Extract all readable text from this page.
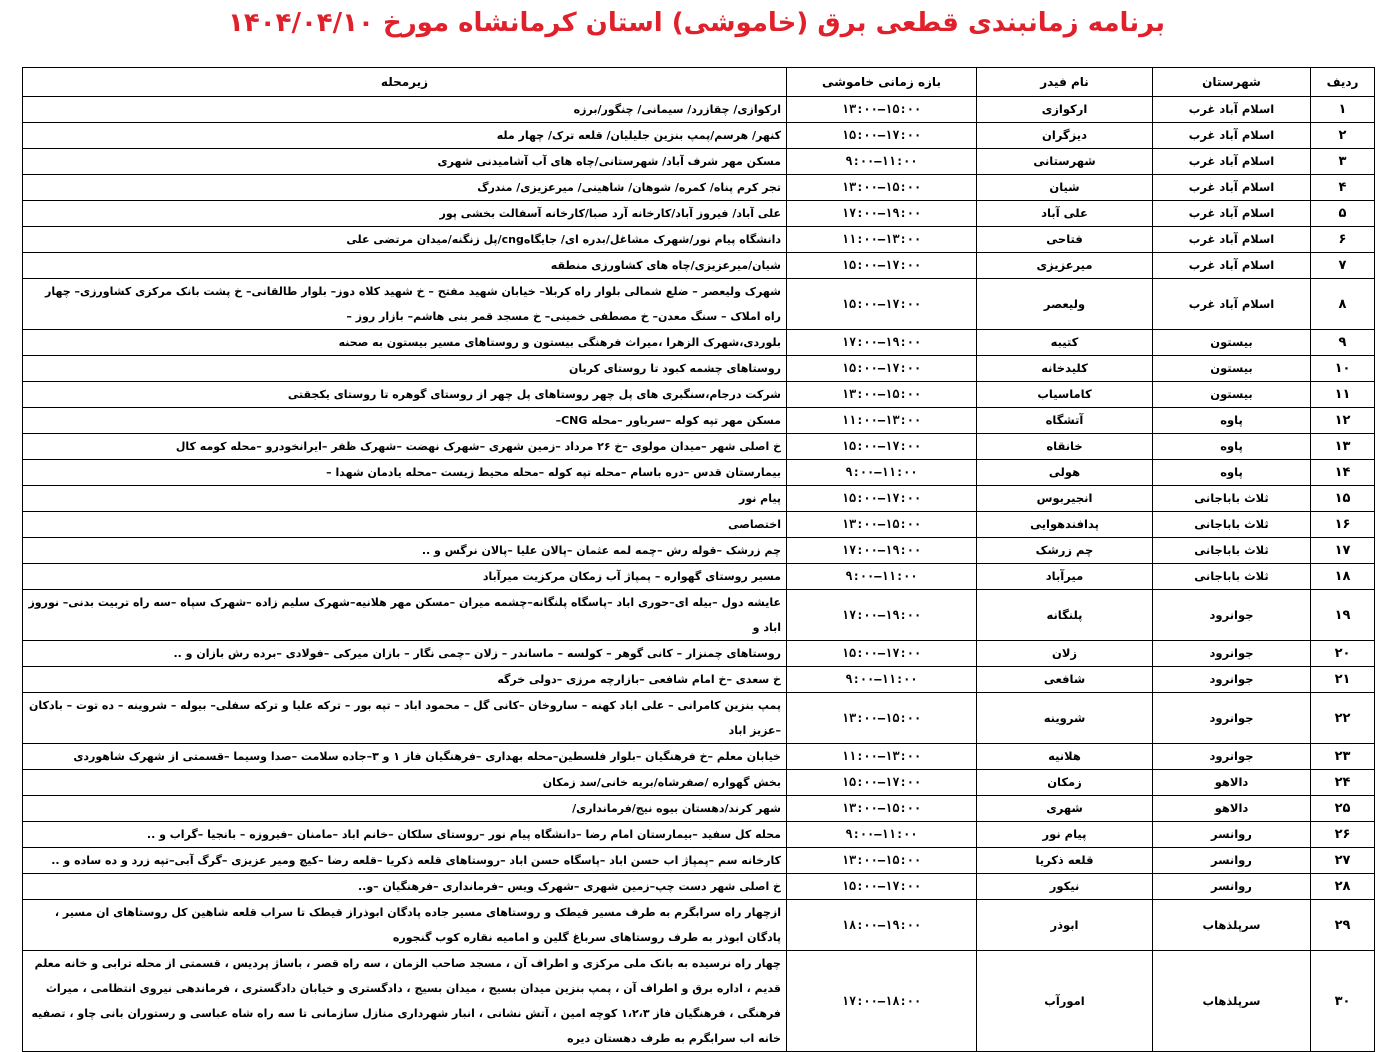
برنامه زمانبندی قطعی برق (خاموشی) استان کرمانشاه مورخ ۱۴۰۴/۰۴/۱۰
ردیف	شهرستان	نام فیدر	بازه زمانی خاموشی	زیرمحله
۱	اسلام آباد غرب	ارکوازی	۱۳:۰۰–۱۵:۰۰	ارکوازی/ چقازرد/ سیمانی/ چنگور/برزه
۲	اسلام آباد غرب	دیزگران	۱۵:۰۰–۱۷:۰۰	کنهر/ هرسم/پمپ بنزین جلیلیان/ قلعه ترک/ چهار مله
۳	اسلام آباد غرب	شهرستانی	۹:۰۰–۱۱:۰۰	مسکن مهر شرف آباد/ شهرستانی/چاه های آب آشامیدنی شهری
۴	اسلام آباد غرب	شیان	۱۳:۰۰–۱۵:۰۰	تجر کرم پناه/ کمره/ شوهان/ شاهینی/ میرعزیزی/ مندرگ
۵	اسلام آباد غرب	علی آباد	۱۷:۰۰–۱۹:۰۰	علی آباد/ فیروز آباد/کارخانه آرد صبا/کارخانه آسفالت بخشی پور
۶	اسلام آباد غرب	فتاحی	۱۱:۰۰–۱۳:۰۰	دانشگاه پیام نور/شهرک مشاغل/بدره ای/ جایگاهcng/پل زنگنه/میدان مرتضی علی
۷	اسلام آباد غرب	میرعزیزی	۱۵:۰۰–۱۷:۰۰	شیان/میرعزیزی/چاه های کشاورزی منطقه
۸	اسلام آباد غرب	ولیعصر	۱۵:۰۰–۱۷:۰۰	شهرک ولیعصر – ضلع شمالی بلوار راه کربلا– خیابان شهید مفتح – خ شهید کلاه دوز– بلوار طالقانی– خ پشت بانک مرکزی کشاورزی– چهار راه املاک – سنگ معدن– خ مصطفی خمینی– خ مسجد قمر بنی هاشم– بازار روز –
۹	بیستون	کتیبه	۱۷:۰۰–۱۹:۰۰	بلوردی،شهرک الزهرا ،میراث فرهنگی بیستون و روستاهای مسیر بیستون به صحنه
۱۰	بیستون	کلیدخانه	۱۵:۰۰–۱۷:۰۰	روستاهای چشمه کبود تا روستای کربان
۱۱	بیستون	کاماسیاب	۱۳:۰۰–۱۵:۰۰	شرکت درجام،سنگبری های پل چهر روستاهای پل چهر از روستای گوهره تا روستای یکجقتی
۱۲	پاوه	آتشگاه	۱۱:۰۰–۱۳:۰۰	مسکن مهر تپه کوله –سرباور –محله CNG–
۱۳	پاوه	خانقاه	۱۵:۰۰–۱۷:۰۰	خ اصلی شهر –میدان مولوی –خ ۲۶ مرداد –زمین شهری –شهرک نهضت –شهرک ظفر –ایرانخودرو –محله کومه کال
۱۴	پاوه	هولی	۹:۰۰–۱۱:۰۰	بیمارستان قدس –دره باسام –محله تپه کوله –محله محیط زیست –محله یادمان شهدا –
۱۵	ثلاث باباجانی	انجیربوس	۱۵:۰۰–۱۷:۰۰	پیام نور
۱۶	ثلاث باباجانی	پدافندهوایی	۱۳:۰۰–۱۵:۰۰	اختصاصی
۱۷	ثلاث باباجانی	چم زرشک	۱۷:۰۰–۱۹:۰۰	چم زرشک –قوله رش –چمه لمه عثمان –پالان علیا –پالان نرگس و ..
۱۸	ثلاث باباجانی	میرآباد	۹:۰۰–۱۱:۰۰	مسیر روستای گهواره – پمپاژ آب زمکان مرکزیت میرآباد
۱۹	جوانرود	پلنگانه	۱۷:۰۰–۱۹:۰۰	عایشه دول –بیله ای–حوری اباد –پاسگاه پلنگانه–چشمه میران –مسکن مهر هلانیه–شهرک سلیم زاده –شهرک سپاه –سه راه تربیت بدنی– نوروز اباد و
۲۰	جوانرود	زلان	۱۵:۰۰–۱۷:۰۰	روستاهای چمنزار – کانی گوهر – کولسه – ماساندر – زلان –چمی نگار – بازان میرکی –فولادی –برده رش بازان و ..
۲۱	جوانرود	شافعی	۹:۰۰–۱۱:۰۰	خ سعدی –خ امام شافعی –بازارچه مرزی –دولی خرگه
۲۲	جوانرود	شروینه	۱۳:۰۰–۱۵:۰۰	پمپ بنزین کامرانی – علی اباد کهنه – ساروخان –کانی گل – محمود اباد – تپه بور – ترکه علیا و ترکه سفلی– بیوله – شروینه – ده توت – بادکان –عزیز اباد
۲۳	جوانرود	هلانیه	۱۱:۰۰–۱۳:۰۰	خیابان معلم –خ فرهنگیان –بلوار فلسطین–محله بهداری –فرهنگیان فاز ۱ و ۳–جاده سلامت –صدا وسیما –قسمتی از شهرک شاهوردی
۲۴	دالاهو	زمکان	۱۵:۰۰–۱۷:۰۰	بخش گهواره /صفرشاه/بریه خانی/سد زمکان
۲۵	دالاهو	شهری	۱۳:۰۰–۱۵:۰۰	شهر کرند/دهستان بیوه نیج/فرمانداری/
۲۶	روانسر	پیام نور	۹:۰۰–۱۱:۰۰	محله کل سفید –بیمارستان امام رضا –دانشگاه پیام نور –روستای سلکان –خانم اباد –مامنان –فیروزه – بانجیا –گراب و ..
۲۷	روانسر	قلعه ذکریا	۱۳:۰۰–۱۵:۰۰	کارخانه سم –پمپاژ اب حسن اباد –پاسگاه حسن اباد –روستاهای قلعه ذکریا –قلعه رضا –کیچ ومیر عزیزی –گرگ آبی–تپه زرد و ده ساده و ..
۲۸	روانسر	نیکور	۱۵:۰۰–۱۷:۰۰	خ اصلی شهر دست چپ–زمین شهری –شهرک ویس –فرمانداری –فرهنگیان –و..
۲۹	سرپلذهاب	ابوذر	۱۸:۰۰–۱۹:۰۰	ازچهار راه سرابگرم به طرف مسیر قیطک و روستاهای مسیر جاده پادگان ابوذراز قیطک تا سراب قلعه شاهین کل روستاهای ان مسیر ، پادگان ابوذر به طرف روستاهای سرباغ گلین و امامیه نقاره کوب گنجوره
۳۰	سرپلذهاب	امورآب	۱۷:۰۰–۱۸:۰۰	چهار راه نرسیده به بانک ملی مرکزی و اطراف آن ، مسجد صاحب الزمان ، سه راه قصر ، باساژ پردیس ، قسمتی از محله ترابی و خانه معلم قدیم ، اداره برق و اطراف آن ، پمپ بنزین میدان بسیج ، میدان بسیج ، دادگستری و خیابان دادگستری ، فرماندهی نیروی انتظامی ، میراث فرهنگی ، فرهنگیان فاز ۱،۲،۳ کوچه امین ، آتش نشانی ، انبار شهرداری منازل سازمانی تا سه راه شاه عباسی و رستوران بانی چاو ، تصفیه خانه اب سرابگرم به طرف دهستان دیره
